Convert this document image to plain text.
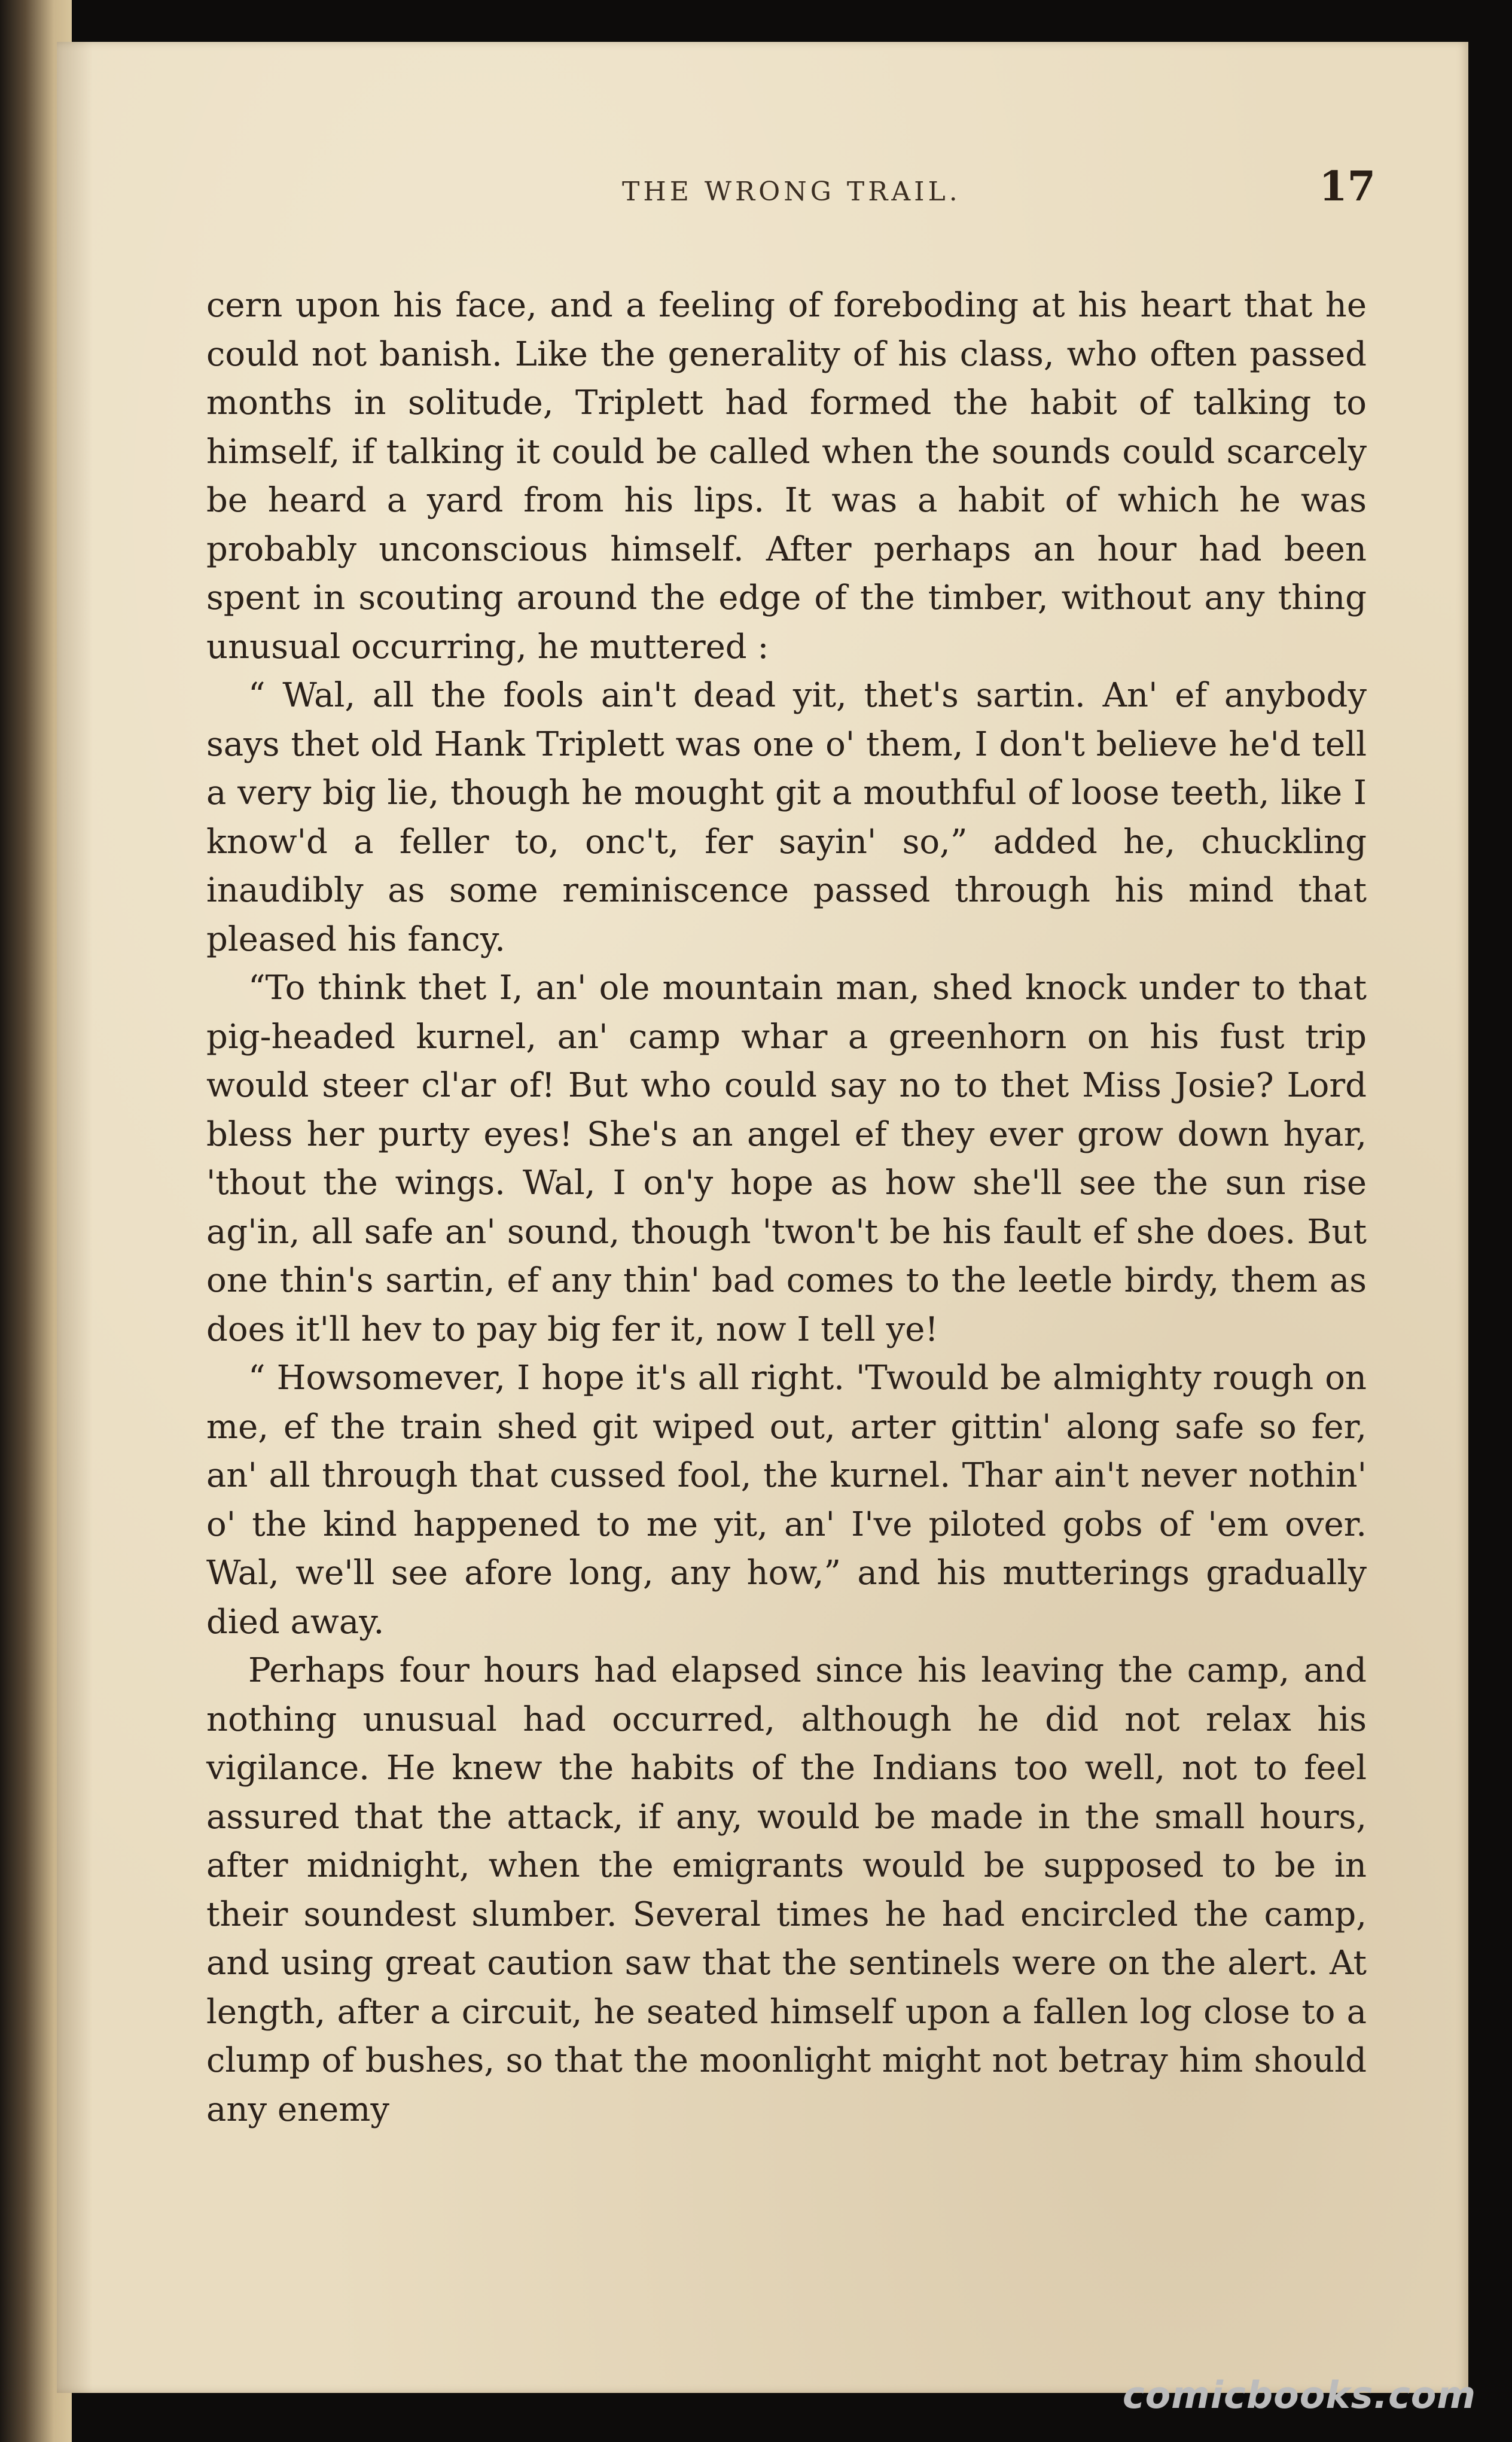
THE WRONG TRAIL.	17

cern upon his face, and a feeling of foreboding at his heart that he could not banish. Like the generality of his class, who often passed months in solitude, Triplett had formed the habit of talking to himself, if talking it could be called when the sounds could scarcely be heard a yard from his lips. It was a habit of which he was probably unconscious himself. After perhaps an hour had been spent in scouting around the edge of the timber, without any thing unusual occurring, he muttered :

“ Wal, all the fools ain't dead yit, thet's sartin. An' ef anybody says thet old Hank Triplett was one o' them, I don't believe he'd tell a very big lie, though he mought git a mouthful of loose teeth, like I know'd a feller to, onc't, fer sayin' so,” added he, chuckling inaudibly as some reminiscence passed through his mind that pleased his fancy.

“To think thet I, an' ole mountain man, shed knock under to that pig-headed kurnel, an' camp whar a greenhorn on his fust trip would steer cl'ar of! But who could say no to thet Miss Josie? Lord bless her purty eyes! She's an angel ef they ever grow down hyar, 'thout the wings. Wal, I on'y hope as how she'll see the sun rise ag'in, all safe an' sound, though 'twon't be his fault ef she does. But one thin's sartin, ef any thin' bad comes to the leetle birdy, them as does it'll hev to pay big fer it, now I tell ye!

“ Howsomever, I hope it's all right. 'Twould be almighty rough on me, ef the train shed git wiped out, arter gittin' along safe so fer, an' all through that cussed fool, the kurnel. Thar ain't never nothin' o' the kind happened to me yit, an' I've piloted gobs of 'em over. Wal, we'll see afore long, any how,” and his mutterings gradually died away.

Perhaps four hours had elapsed since his leaving the camp, and nothing unusual had occurred, although he did not relax his vigilance. He knew the habits of the Indians too well, not to feel assured that the attack, if any, would be made in the small hours, after midnight, when the emigrants would be supposed to be in their soundest slumber. Several times he had encircled the camp, and using great caution saw that the sentinels were on the alert. At length, after a circuit, he seated himself upon a fallen log close to a clump of bushes, so that the moonlight might not betray him should any enemy

comicbooks.com
